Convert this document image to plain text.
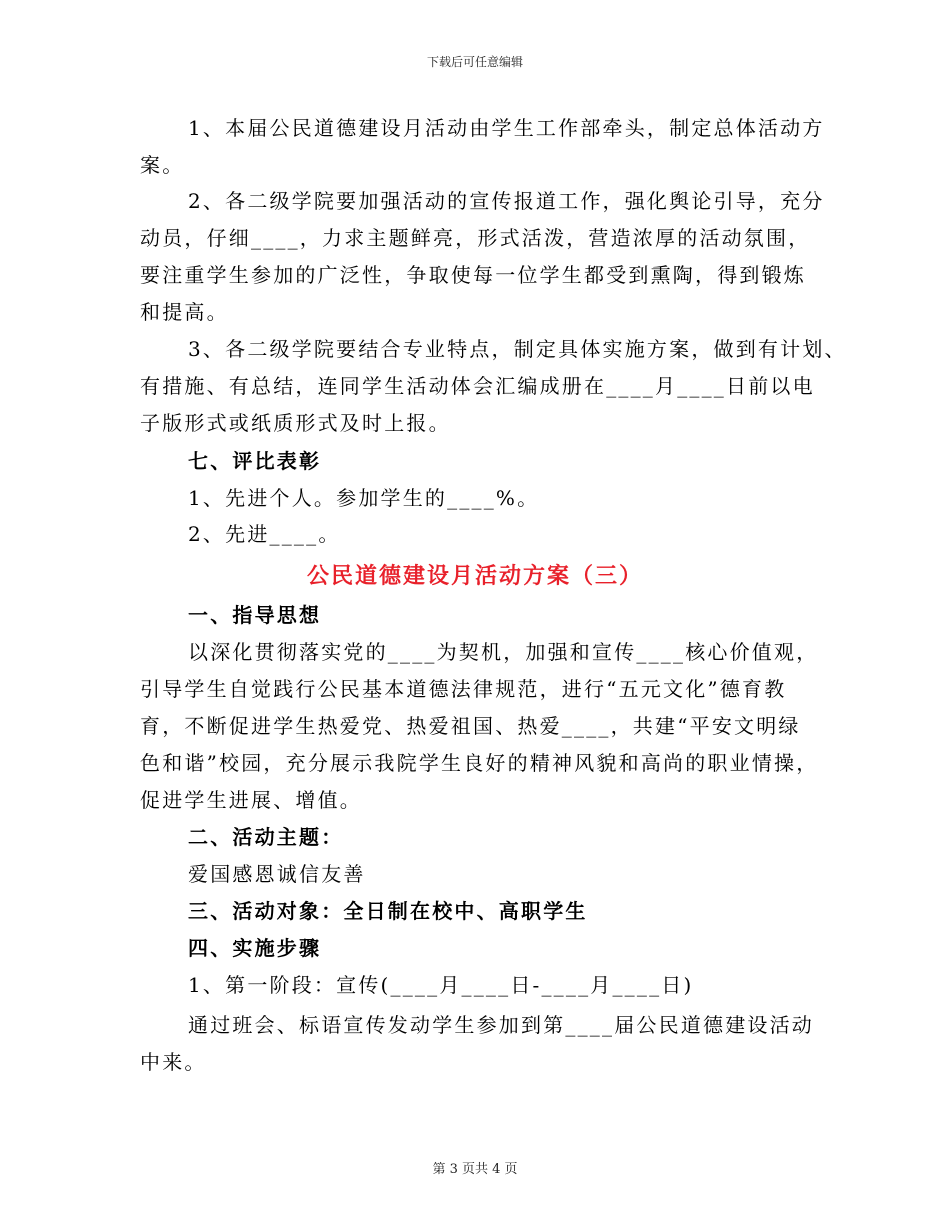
下载后可任意编辑
1、本届公民道德建设月活动由学生工作部牵头，制定总体活动方
案。
2、各二级学院要加强活动的宣传报道工作，强化舆论引导，充分
动员，仔细____，力求主题鲜亮，形式活泼，营造浓厚的活动氛围，
要注重学生参加的广泛性，争取使每一位学生都受到熏陶，得到锻炼
和提高。
3、各二级学院要结合专业特点，制定具体实施方案，做到有计划、
有措施、有总结，连同学生活动体会汇编成册在____月____日前以电
子版形式或纸质形式及时上报。
七、评比表彰
1、先进个人。参加学生的____%。
2、先进____。
公民道德建设月活动方案（三）
一、指导思想
以深化贯彻落实党的____为契机，加强和宣传____核心价值观，
引导学生自觉践行公民基本道德法律规范，进行“五元文化”德育教
育，不断促进学生热爱党、热爱祖国、热爱____，共建“平安文明绿
色和谐”校园，充分展示我院学生良好的精神风貌和高尚的职业情操，
促进学生进展、增值。
二、活动主题：
爱国感恩诚信友善
三、活动对象：全日制在校中、高职学生
四、实施步骤
1、第一阶段：宣传(____月____日-____月____日)
通过班会、标语宣传发动学生参加到第____届公民道德建设活动
中来。
第 3 页共 4 页
